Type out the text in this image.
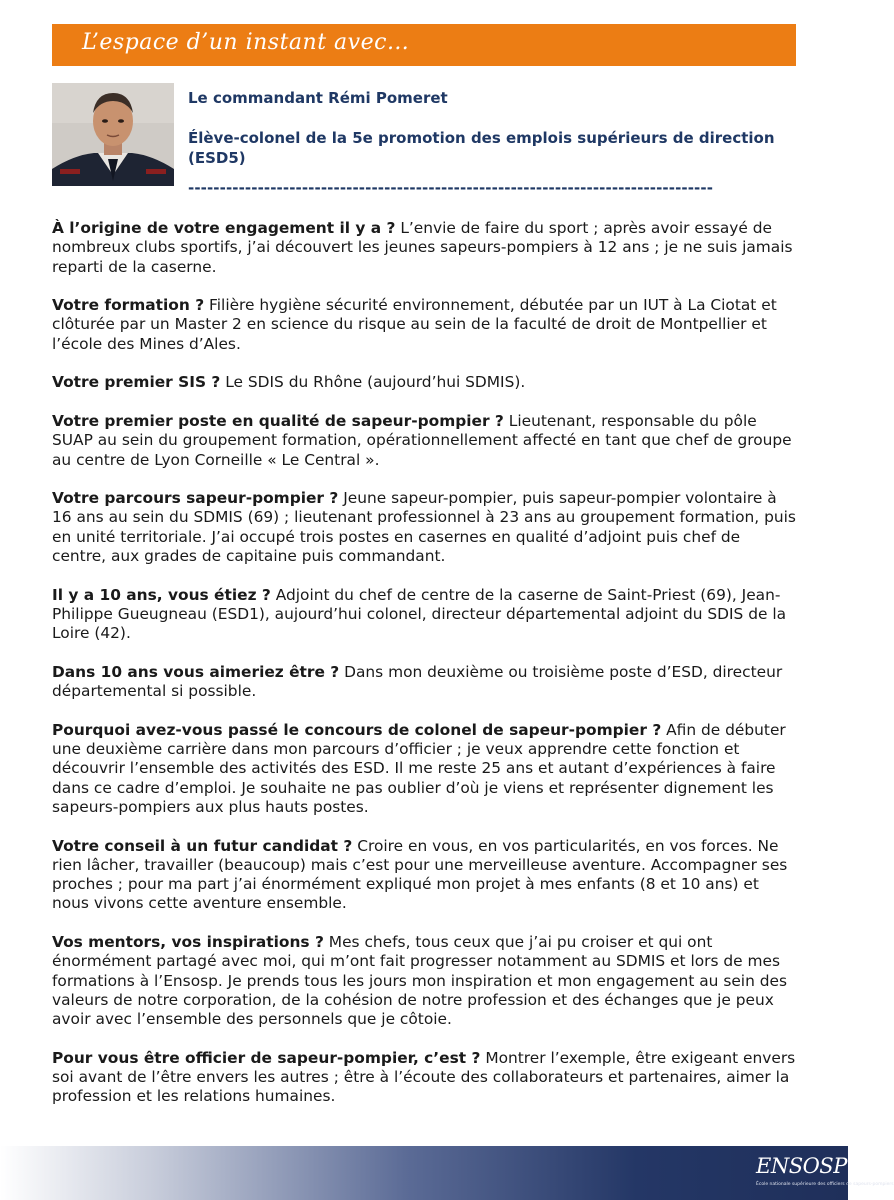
L’espace d’un instant avec…

Le commandant Rémi Pomeret

Élève-colonel de la 5e promotion des emplois supérieurs de direction (ESD5)

-----------------------------------------------------------------------------------

À l’origine de votre engagement il y a ? L’envie de faire du sport ; après avoir essayé de nombreux clubs sportifs, j’ai découvert les jeunes sapeurs-pompiers à 12 ans ; je ne suis jamais reparti de la caserne.

Votre formation ? Filière hygiène sécurité environnement, débutée par un IUT à La Ciotat et clôturée par un Master 2 en science du risque au sein de la faculté de droit de Montpellier et l’école des Mines d’Ales.

Votre premier SIS ? Le SDIS du Rhône (aujourd’hui SDMIS).

Votre premier poste en qualité de sapeur-pompier ? Lieutenant, responsable du pôle SUAP au sein du groupement formation, opérationnellement affecté en tant que chef de groupe au centre de Lyon Corneille « Le Central ».

Votre parcours sapeur-pompier ? Jeune sapeur-pompier, puis sapeur-pompier volontaire à 16 ans au sein du SDMIS (69) ; lieutenant professionnel à 23 ans au groupement formation, puis en unité territoriale. J’ai occupé trois postes en casernes en qualité d’adjoint puis chef de centre, aux grades de capitaine puis commandant.

Il y a 10 ans, vous étiez ? Adjoint du chef de centre de la caserne de Saint-Priest (69), Jean-Philippe Gueugneau (ESD1), aujourd’hui colonel, directeur départemental adjoint du SDIS de la Loire (42).

Dans 10 ans vous aimeriez être ? Dans mon deuxième ou troisième poste d’ESD, directeur départemental si possible.

Pourquoi avez-vous passé le concours de colonel de sapeur-pompier ? Afin de débuter une deuxième carrière dans mon parcours d’officier ; je veux apprendre cette fonction et découvrir l’ensemble des activités des ESD. Il me reste 25 ans et autant d’expériences à faire dans ce cadre d’emploi. Je souhaite ne pas oublier d’où je viens et représenter dignement les sapeurs-pompiers aux plus hauts postes.

Votre conseil à un futur candidat ? Croire en vous, en vos particularités, en vos forces. Ne rien lâcher, travailler (beaucoup) mais c’est pour une merveilleuse aventure. Accompagner ses proches ; pour ma part j’ai énormément expliqué mon projet à mes enfants (8 et 10 ans) et nous vivons cette aventure ensemble.

Vos mentors, vos inspirations ? Mes chefs, tous ceux que j’ai pu croiser et qui ont énormément partagé avec moi, qui m’ont fait progresser notamment au SDMIS et lors de mes formations à l’Ensosp. Je prends tous les jours mon inspiration et mon engagement au sein des valeurs de notre corporation, de la cohésion de notre profession et des échanges que je peux avoir avec l’ensemble des personnels que je côtoie.

Pour vous être officier de sapeur-pompier, c’est ? Montrer l’exemple, être exigeant envers soi avant de l’être envers les autres ; être à l’écoute des collaborateurs et partenaires, aimer la profession et les relations humaines.

ENSOSP
École nationale supérieure des officiers de sapeurs-pompiers
